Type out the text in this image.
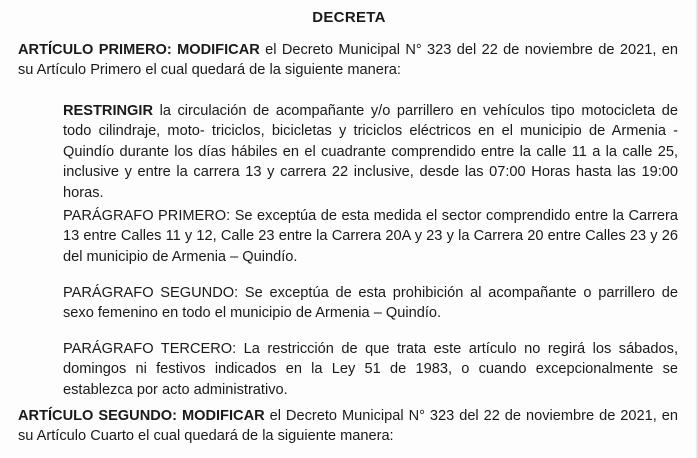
DECRETA

ARTÍCULO PRIMERO: MODIFICAR el Decreto Municipal N° 323 del 22 de noviembre de 2021, en su Artículo Primero el cual quedará de la siguiente manera:

RESTRINGIR la circulación de acompañante y/o parrillero en vehículos tipo motocicleta de todo cilindraje, moto- triciclos, bicicletas y triciclos eléctricos en el municipio de Armenia - Quindío durante los días hábiles en el cuadrante comprendido entre la calle 11 a la calle 25, inclusive y entre la carrera 13 y carrera 22 inclusive, desde las 07:00 Horas hasta las 19:00 horas.

PARÁGRAFO PRIMERO: Se exceptúa de esta medida el sector comprendido entre la Carrera 13 entre Calles 11 y 12, Calle 23 entre la Carrera 20A y 23 y la Carrera 20 entre Calles 23 y 26 del municipio de Armenia – Quindío.

PARÁGRAFO SEGUNDO: Se exceptúa de esta prohibición al acompañante o parrillero de sexo femenino en todo el municipio de Armenia – Quindío.

PARÁGRAFO TERCERO: La restricción de que trata este artículo no regirá los sábados, domingos ni festivos indicados en la Ley 51 de 1983, o cuando excepcionalmente se establezca por acto administrativo.

ARTÍCULO SEGUNDO: MODIFICAR el Decreto Municipal N° 323 del 22 de noviembre de 2021, en su Artículo Cuarto el cual quedará de la siguiente manera:
